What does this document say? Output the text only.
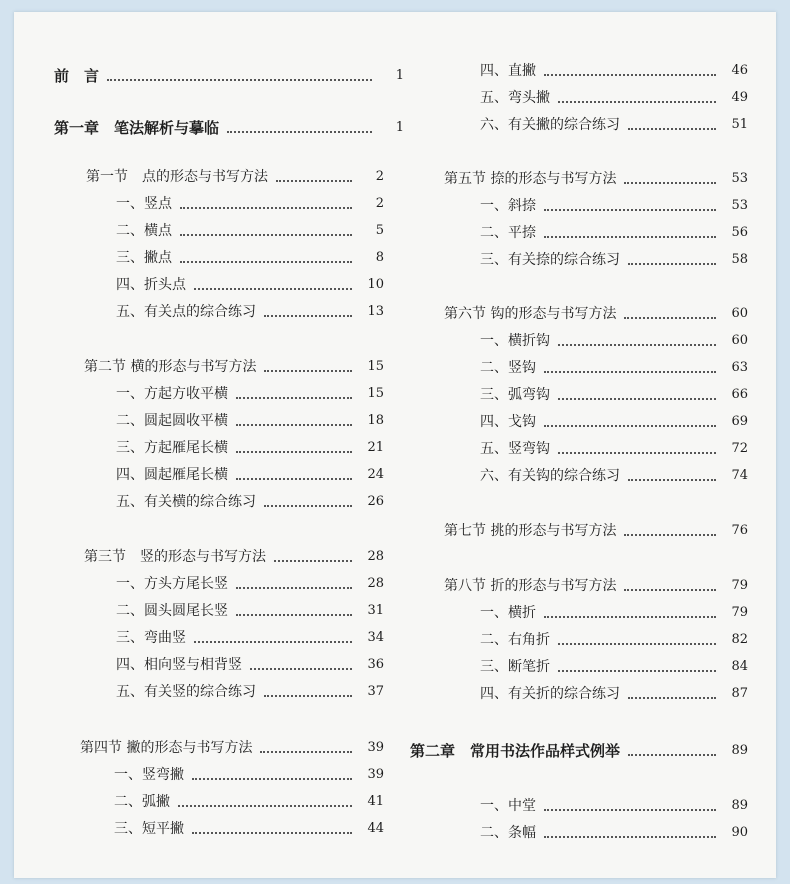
前　言	1
第一章　笔法解析与摹临	1
第一节　点的形态与书写方法	2
一、竖点	2
二、横点	5
三、撇点	8
四、折头点	10
五、有关点的综合练习	13
第二节 横的形态与书写方法	15
一、方起方收平横	15
二、圆起圆收平横	18
三、方起雁尾长横	21
四、圆起雁尾长横	24
五、有关横的综合练习	26
第三节　竖的形态与书写方法	28
一、方头方尾长竖	28
二、圆头圆尾长竖	31
三、弯曲竖	34
四、相向竖与相背竖	36
五、有关竖的综合练习	37
第四节 撇的形态与书写方法	39
一、竖弯撇	39
二、弧撇	41
三、短平撇	44
四、直撇	46
五、弯头撇	49
六、有关撇的综合练习	51
第五节 捺的形态与书写方法	53
一、斜捺	53
二、平捺	56
三、有关捺的综合练习	58
第六节 钩的形态与书写方法	60
一、横折钩	60
二、竖钩	63
三、弧弯钩	66
四、戈钩	69
五、竖弯钩	72
六、有关钩的综合练习	74
第七节 挑的形态与书写方法	76
第八节 折的形态与书写方法	79
一、横折	79
二、右角折	82
三、断笔折	84
四、有关折的综合练习	87
第二章　常用书法作品样式例举	89
一、中堂	89
二、条幅	90
